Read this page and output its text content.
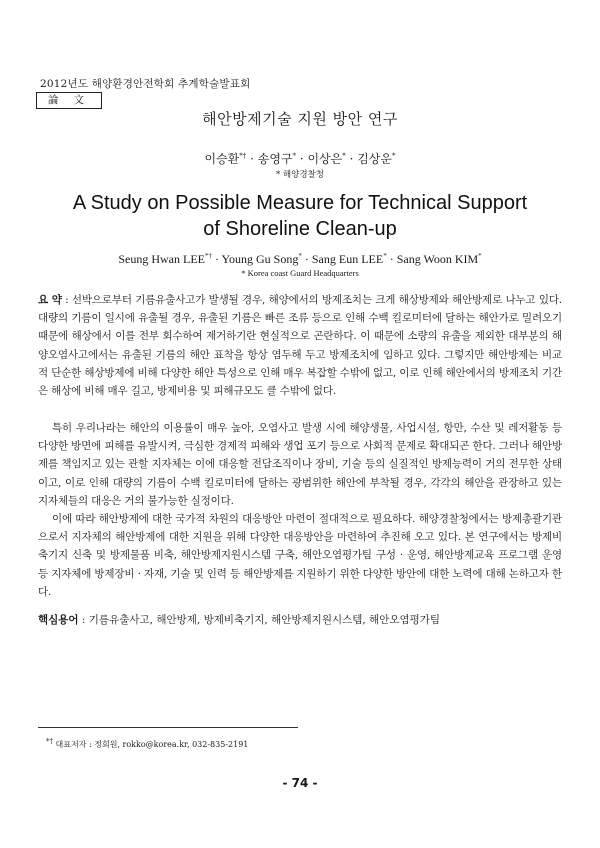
2012년도 해양환경안전학회 추계학술발표회
論 文
해안방제기술 지원 방안 연구
이승환*† · 송영구* · 이상은* · 김상운*
* 해양경찰청
A Study on Possible Measure for Technical Support
of Shoreline Clean-up
Seung Hwan LEE*† · Young Gu Song* · Sang Eun LEE* · Sang Woon KIM*
* Korea coast Guard Headquarters
요 약 : 선박으로부터 기름유출사고가 발생될 경우, 해양에서의 방제조치는 크게 해상방제와 해안방제로 나누고 있다. 대량의 기름이 일시에 유출될 경우, 유출된 기름은 빠른 조류 등으로 인해 수백 킬로미터에 달하는 해안가로 밀려오기 때문에 해상에서 이를 전부 회수하여 제거하기란 현실적으로 곤란하다. 이 때문에 소량의 유출을 제외한 대부분의 해양오염사고에서는 유출된 기름의 해안 표착을 항상 염두해 두고 방제조치에 임하고 있다. 그렇지만 해안방제는 비교적 단순한 해상방제에 비해 다양한 해안 특성으로 인해 매우 복잡할 수밖에 없고, 이로 인해 해안에서의 방제조치 기간은 해상에 비해 매우 길고, 방제비용 및 피해규모도 클 수밖에 없다.
특히 우리나라는 해안의 이용률이 매우 높아, 오염사고 발생 시에 해양생물, 사업시설, 항만, 수산 및 레저활동 등 다양한 방면에 피해를 유발시켜, 극심한 경제적 피해와 생업 포기 등으로 사회적 문제로 확대되곤 한다. 그러나 해안방제를 책임지고 있는 관할 지자체는 이에 대응할 전담조직이나 장비, 기술 등의 실질적인 방제능력이 거의 전무한 상태이고, 이로 인해 대량의 기름이 수백 킬로미터에 달하는 광범위한 해안에 부착될 경우, 각각의 해안을 관장하고 있는 지자체들의 대응은 거의 불가능한 실정이다.
이에 따라 해안방제에 대한 국가적 차원의 대응방안 마련이 절대적으로 필요하다. 해양경찰청에서는 방제총괄기관으로서 지자체의 해안방제에 대한 지원을 위해 다양한 대응방안을 마련하여 추진해 오고 있다. 본 연구에서는 방제비축기지 신축 및 방제물품 비축, 해안방제지원시스템 구축, 해안오염평가팀 구성 · 운영, 해안방제교육 프로그램 운영 등 지자체에 방제장비 · 자재, 기술 및 인력 등 해안방제를 지원하기 위한 다양한 방안에 대한 노력에 대해 논하고자 한다.
핵심용어 : 기름유출사고, 해안방제, 방제비축기지, 해안방제지원시스템, 해안오염평가팀
*† 대표저자 : 정회원, rokko@korea.kr, 032-835-2191
- 74 -
